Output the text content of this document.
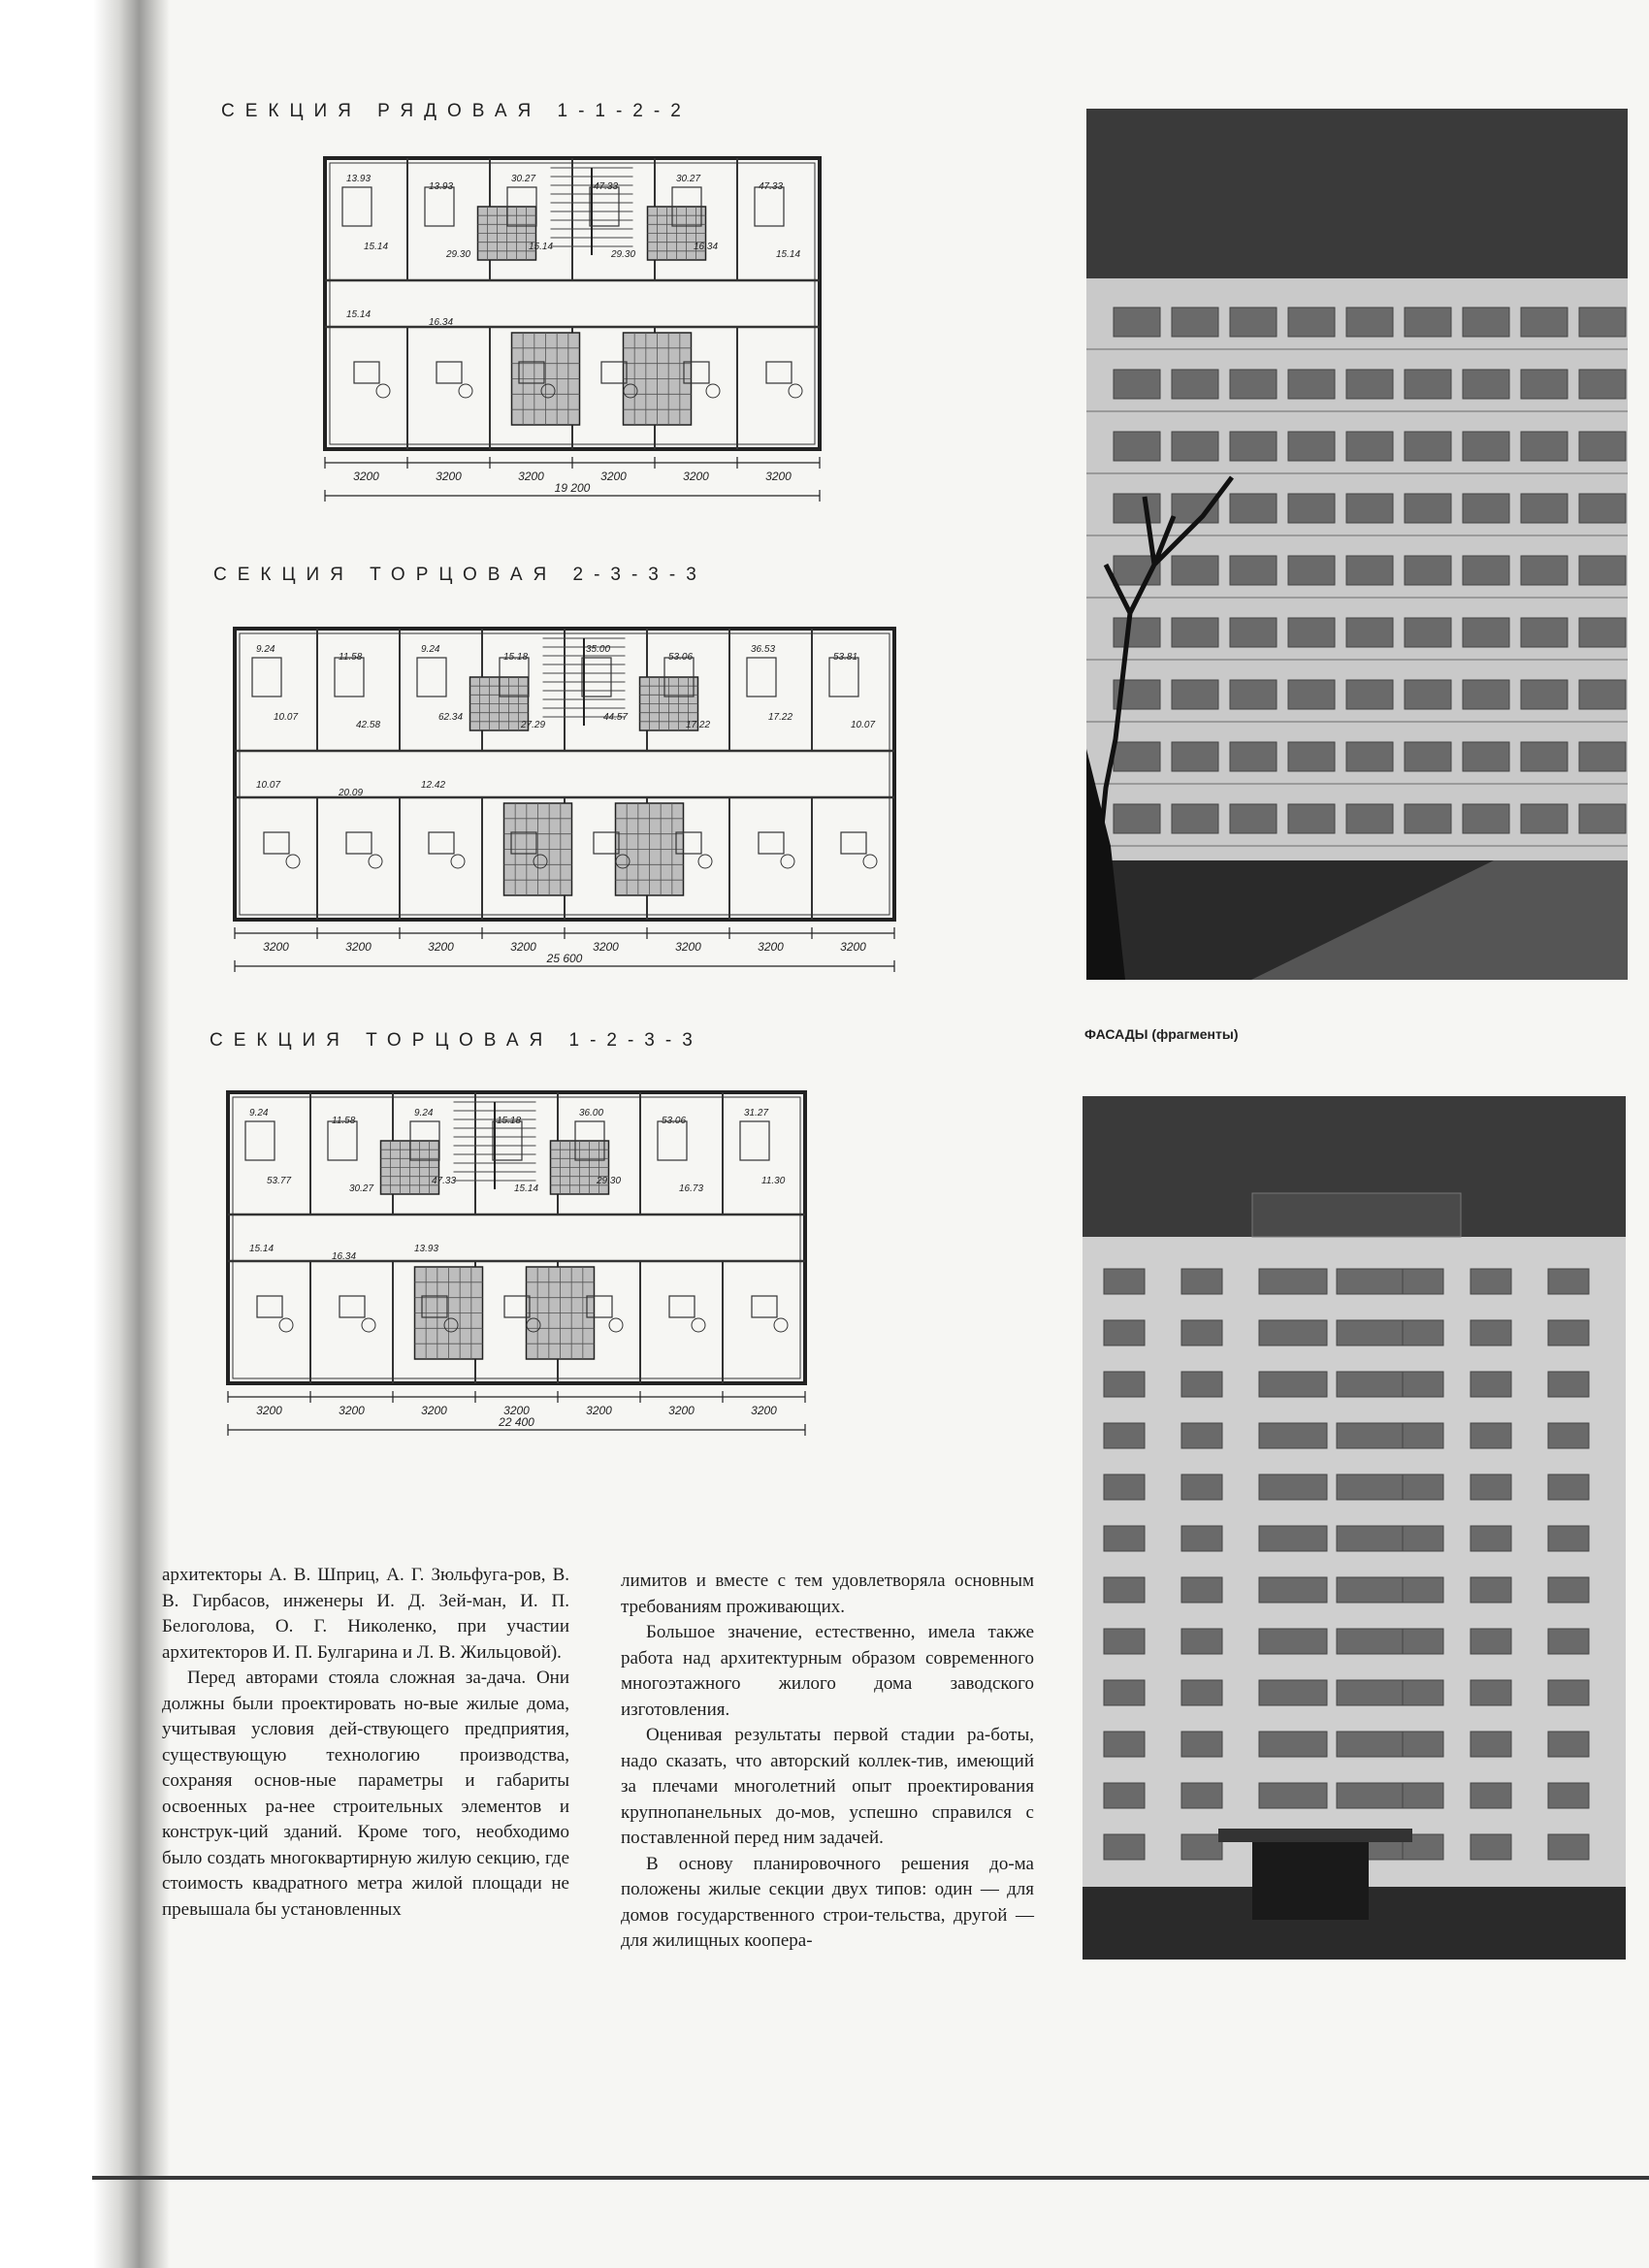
СЕКЦИЯ РЯДОВАЯ 1-1-2-2
СЕКЦИЯ ТОРЦОВАЯ 2-3-3-3
СЕКЦИЯ ТОРЦОВАЯ 1-2-3-3
13.93
13.93
30.27
47.33
30.27
47.33
15.14
29.30
15.14
29.30
16.34
15.14
15.14
16.34
3200	3200	3200	3200	3200	3200
19 200
9.24
11.58
9.24
15.18
35.00
53.06
36.53
53.81
10.07
42.58
62.34
27.29
44.57
17.22
17.22
10.07
10.07
20.09
12.42
3200	3200	3200	3200	3200	3200	3200	3200
25 600
9.24
11.58
9.24
15.18
36.00
53.06
31.27
53.77
30.27
47.33
15.14
29.30
16.73
11.30
15.14
16.34
13.93
3200	3200	3200	3200	3200	3200	3200
22 400
ФАСАДЫ (фрагменты)

архитекторы А. В. Шприц, А. Г. Зюльфуга-ров, В. В. Гирбасов, инженеры И. Д. Зей-ман, И. П. Белоголова, О. Г. Николенко, при участии архитекторов И. П. Булгарина и Л. В. Жильцовой).

Перед авторами стояла сложная за-дача. Они должны были проектировать но-вые жилые дома, учитывая условия дей-ствующего предприятия, существующую технологию производства, сохраняя основ-ные параметры и габариты освоенных ра-нее строительных элементов и конструк-ций зданий. Кроме того, необходимо было создать многоквартирную жилую секцию, где стоимость квадратного метра жилой площади не превышала бы установленных

лимитов и вместе с тем удовлетворяла основным требованиям проживающих.

Большое значение, естественно, имела также работа над архитектурным образом современного многоэтажного жилого дома заводского изготовления.

Оценивая результаты первой стадии ра-боты, надо сказать, что авторский коллек-тив, имеющий за плечами многолетний опыт проектирования крупнопанельных до-мов, успешно справился с поставленной перед ним задачей.

В основу планировочного решения до-ма положены жилые секции двух типов: один — для домов государственного строи-тельства, другой — для жилищных коопера-
